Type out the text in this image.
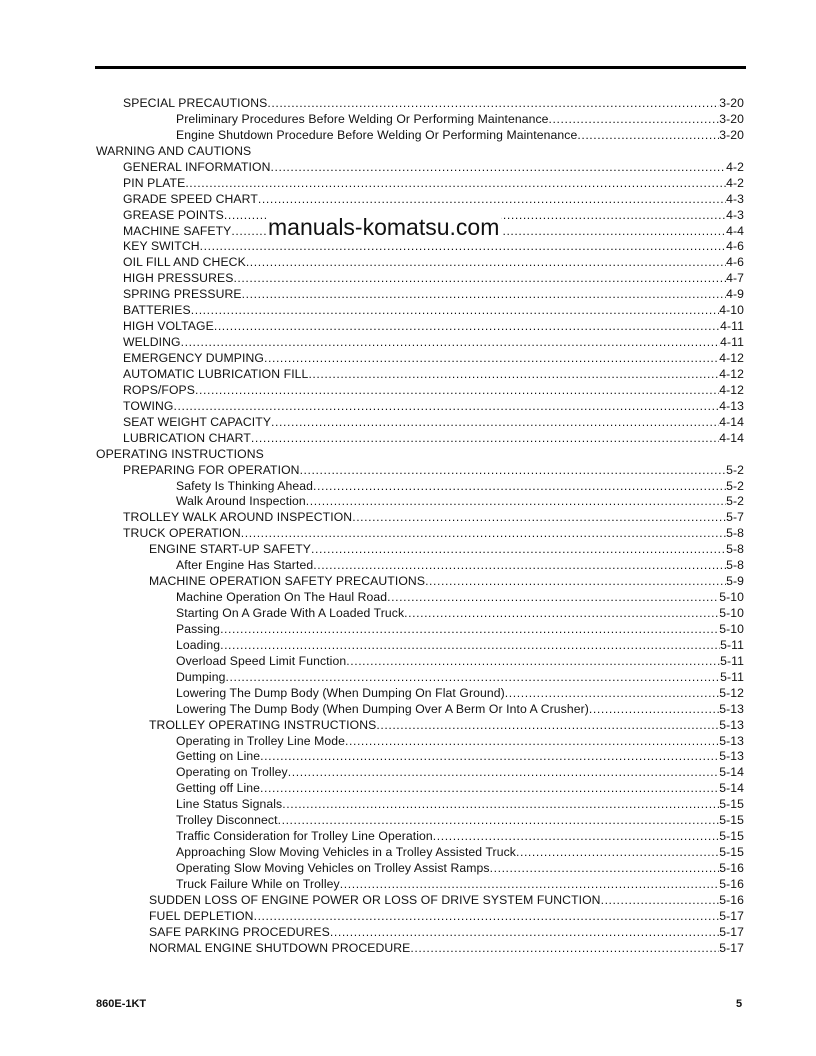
SPECIAL PRECAUTIONS .....	3-20
Preliminary Procedures Before Welding Or Performing Maintenance .....	3-20
Engine Shutdown Procedure Before Welding Or Performing Maintenance .....	3-20
WARNING AND CAUTIONS
GENERAL INFORMATION .....	4-2
PIN PLATE .....	4-2
GRADE SPEED CHART .....	4-3
GREASE POINTS .....	4-3
MACHINE SAFETY .....	4-4
KEY SWITCH .....	4-6
OIL FILL AND CHECK .....	4-6
HIGH PRESSURES .....	4-7
SPRING PRESSURE .....	4-9
BATTERIES .....	4-10
HIGH VOLTAGE .....	4-11
WELDING .....	4-11
EMERGENCY DUMPING .....	4-12
AUTOMATIC LUBRICATION FILL .....	4-12
ROPS/FOPS .....	4-12
TOWING .....	4-13
SEAT WEIGHT CAPACITY .....	4-14
LUBRICATION CHART .....	4-14
OPERATING INSTRUCTIONS
PREPARING FOR OPERATION .....	5-2
Safety Is Thinking Ahead .....	5-2
Walk Around Inspection .....	5-2
TROLLEY WALK AROUND INSPECTION .....	5-7
TRUCK OPERATION .....	5-8
ENGINE START-UP SAFETY .....	5-8
After Engine Has Started .....	5-8
MACHINE OPERATION SAFETY PRECAUTIONS .....	5-9
Machine Operation On The Haul Road .....	5-10
Starting On A Grade With A Loaded Truck .....	5-10
Passing .....	5-10
Loading .....	5-11
Overload Speed Limit Function .....	5-11
Dumping .....	5-11
Lowering The Dump Body (When Dumping On Flat Ground) .....	5-12
Lowering The Dump Body (When Dumping Over A Berm Or Into A Crusher) .....	5-13
TROLLEY OPERATING INSTRUCTIONS .....	5-13
Operating in Trolley Line Mode .....	5-13
Getting on Line .....	5-13
Operating on Trolley .....	5-14
Getting off Line .....	5-14
Line Status Signals .....	5-15
Trolley Disconnect .....	5-15
Traffic Consideration for Trolley Line Operation .....	5-15
Approaching Slow Moving Vehicles in a Trolley Assisted Truck .....	5-15
Operating Slow Moving Vehicles on Trolley Assist Ramps .....	5-16
Truck Failure While on Trolley .....	5-16
SUDDEN LOSS OF ENGINE POWER OR LOSS OF DRIVE SYSTEM FUNCTION .....	5-16
FUEL DEPLETION .....	5-17
SAFE PARKING PROCEDURES .....	5-17
NORMAL ENGINE SHUTDOWN PROCEDURE .....	5-17
manuals-komatsu.com
860E-1KT	5
